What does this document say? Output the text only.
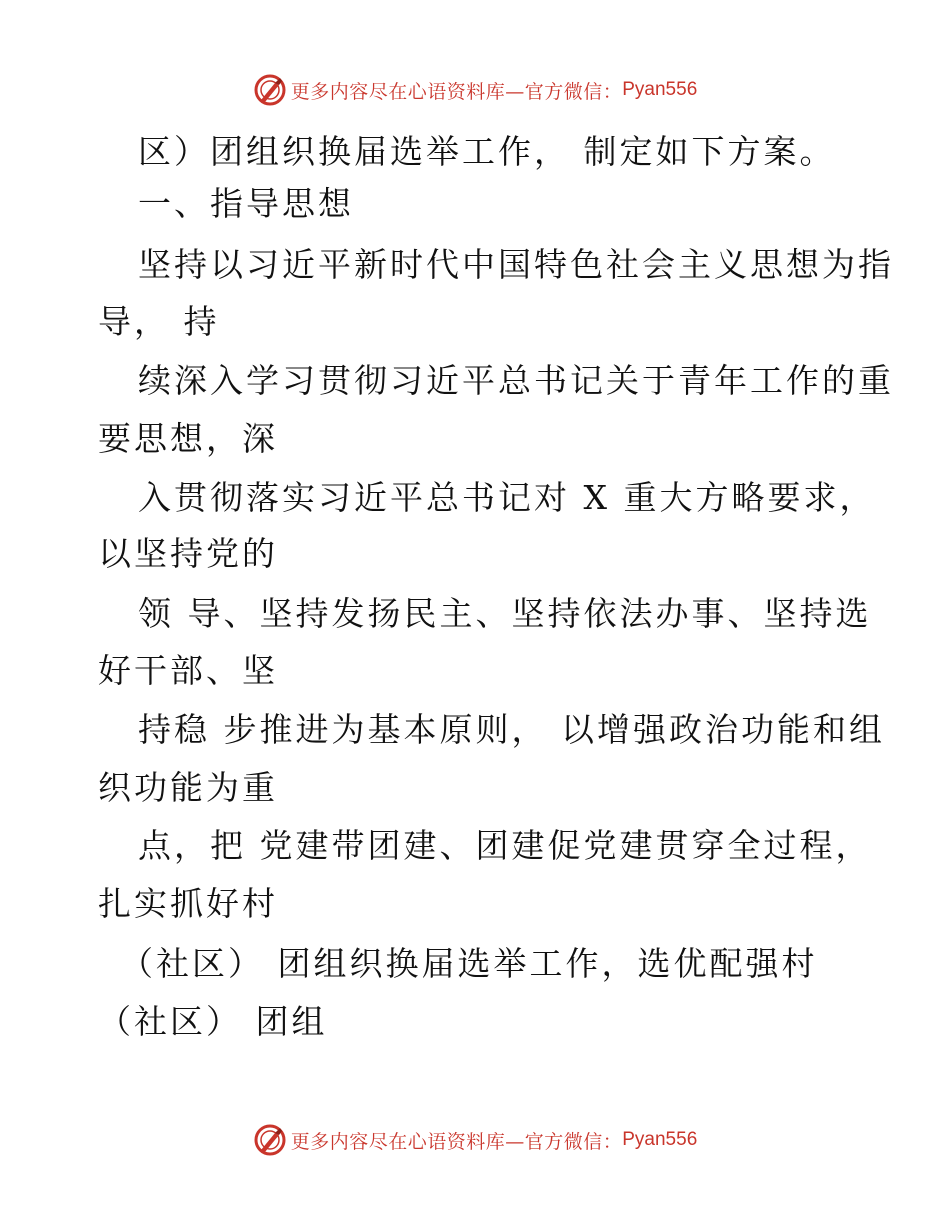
更多内容尽在心语资料库—官方微信： Pyan556
区）团组织换届选举工作， 制定如下方案。
一、指导思想
坚持以习近平新时代中国特色社会主义思想为指
导， 持
续深入学习贯彻习近平总书记关于青年工作的重
要思想，深
入贯彻落实习近平总书记对 X 重大方略要求，
以坚持党的
领 导、坚持发扬民主、坚持依法办事、坚持选
好干部、坚
持稳 步推进为基本原则， 以增强政治功能和组
织功能为重
点，把 党建带团建、团建促党建贯穿全过程，
扎实抓好村
（社区） 团组织换届选举工作，选优配强村
（社区） 团组
更多内容尽在心语资料库—官方微信： Pyan556
